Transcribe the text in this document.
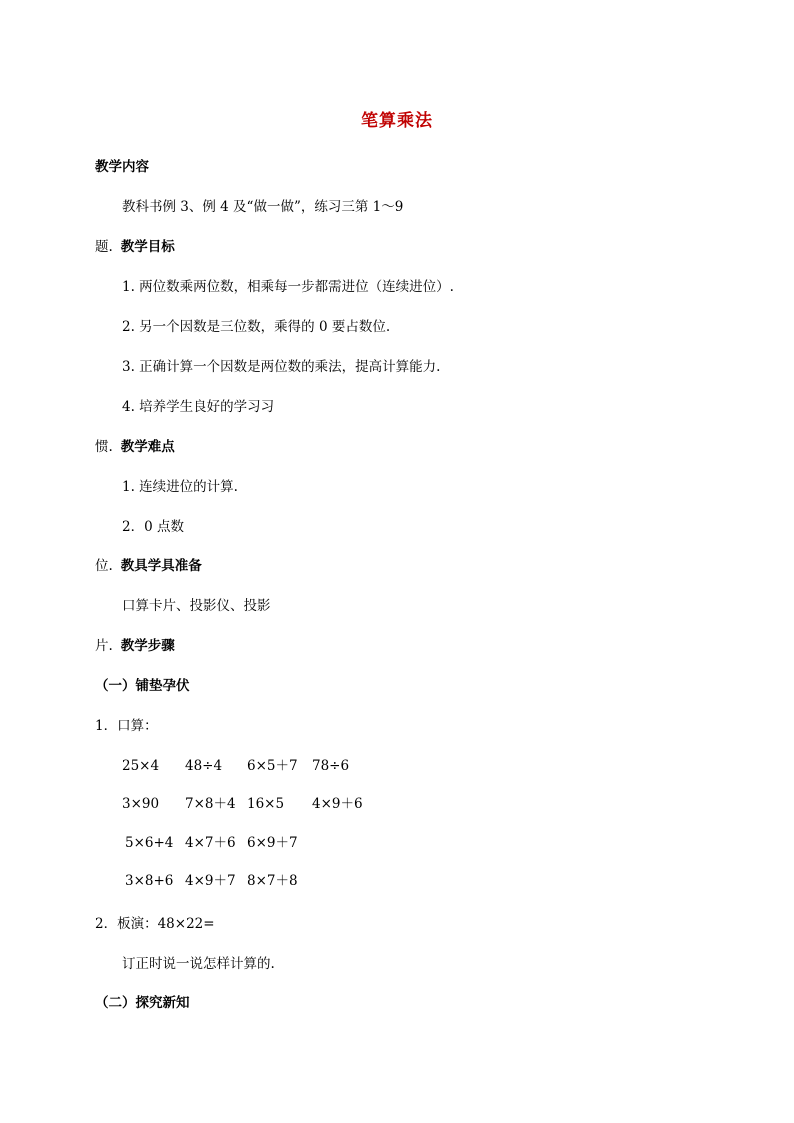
笔算乘法
教学内容
教科书例 3、例 4 及“做一做”，练习三第 1～9
题. 教学目标
1. 两位数乘两位数，相乘每一步都需进位（连续进位）.
2. 另一个因数是三位数，乘得的 0 要占数位.
3. 正确计算一个因数是两位数的乘法，提高计算能力.
4. 培养学生良好的学习习
惯. 教学难点
1. 连续进位的计算.
2．0 点数
位. 教具学具准备
口算卡片、投影仪、投影
片. 教学步骤
（一）铺垫孕伏
1．口算：
25×4 48÷4 6×5＋7 78÷6
3×90 7×8＋4 16×5 4×9＋6
5×6+4 4×7＋6 6×9＋7
3×8+6 4×9＋7 8×7＋8
2．板演：48×22=
订正时说一说怎样计算的.
（二）探究新知
